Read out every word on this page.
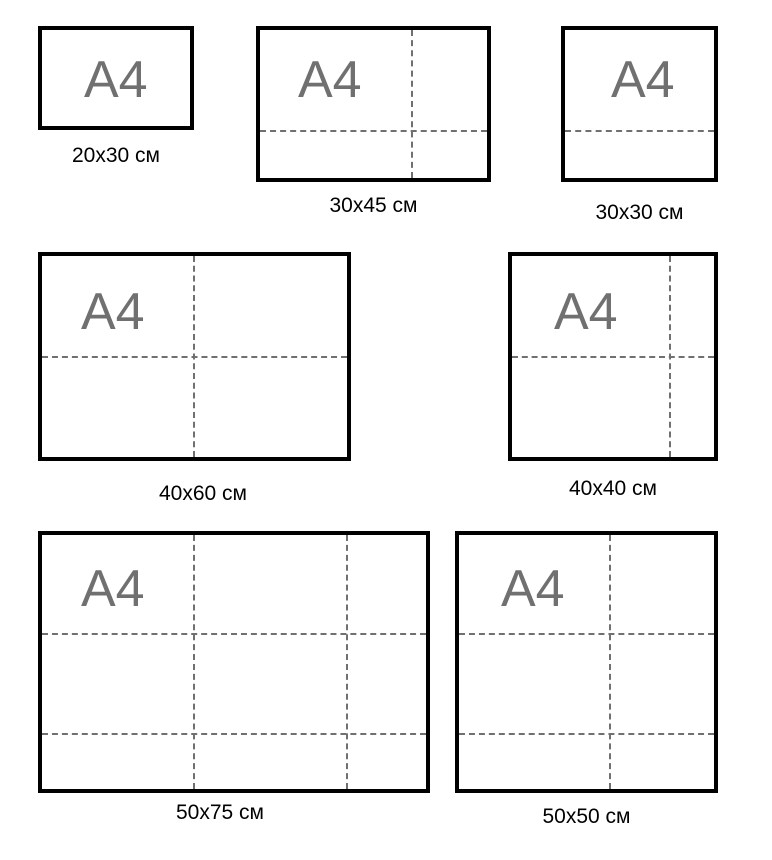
A4
20x30 см
A4
30x45 см
A4
30x30 см
A4
40x60 см
A4
40x40 см
A4
50x75 см
A4
50x50 см
